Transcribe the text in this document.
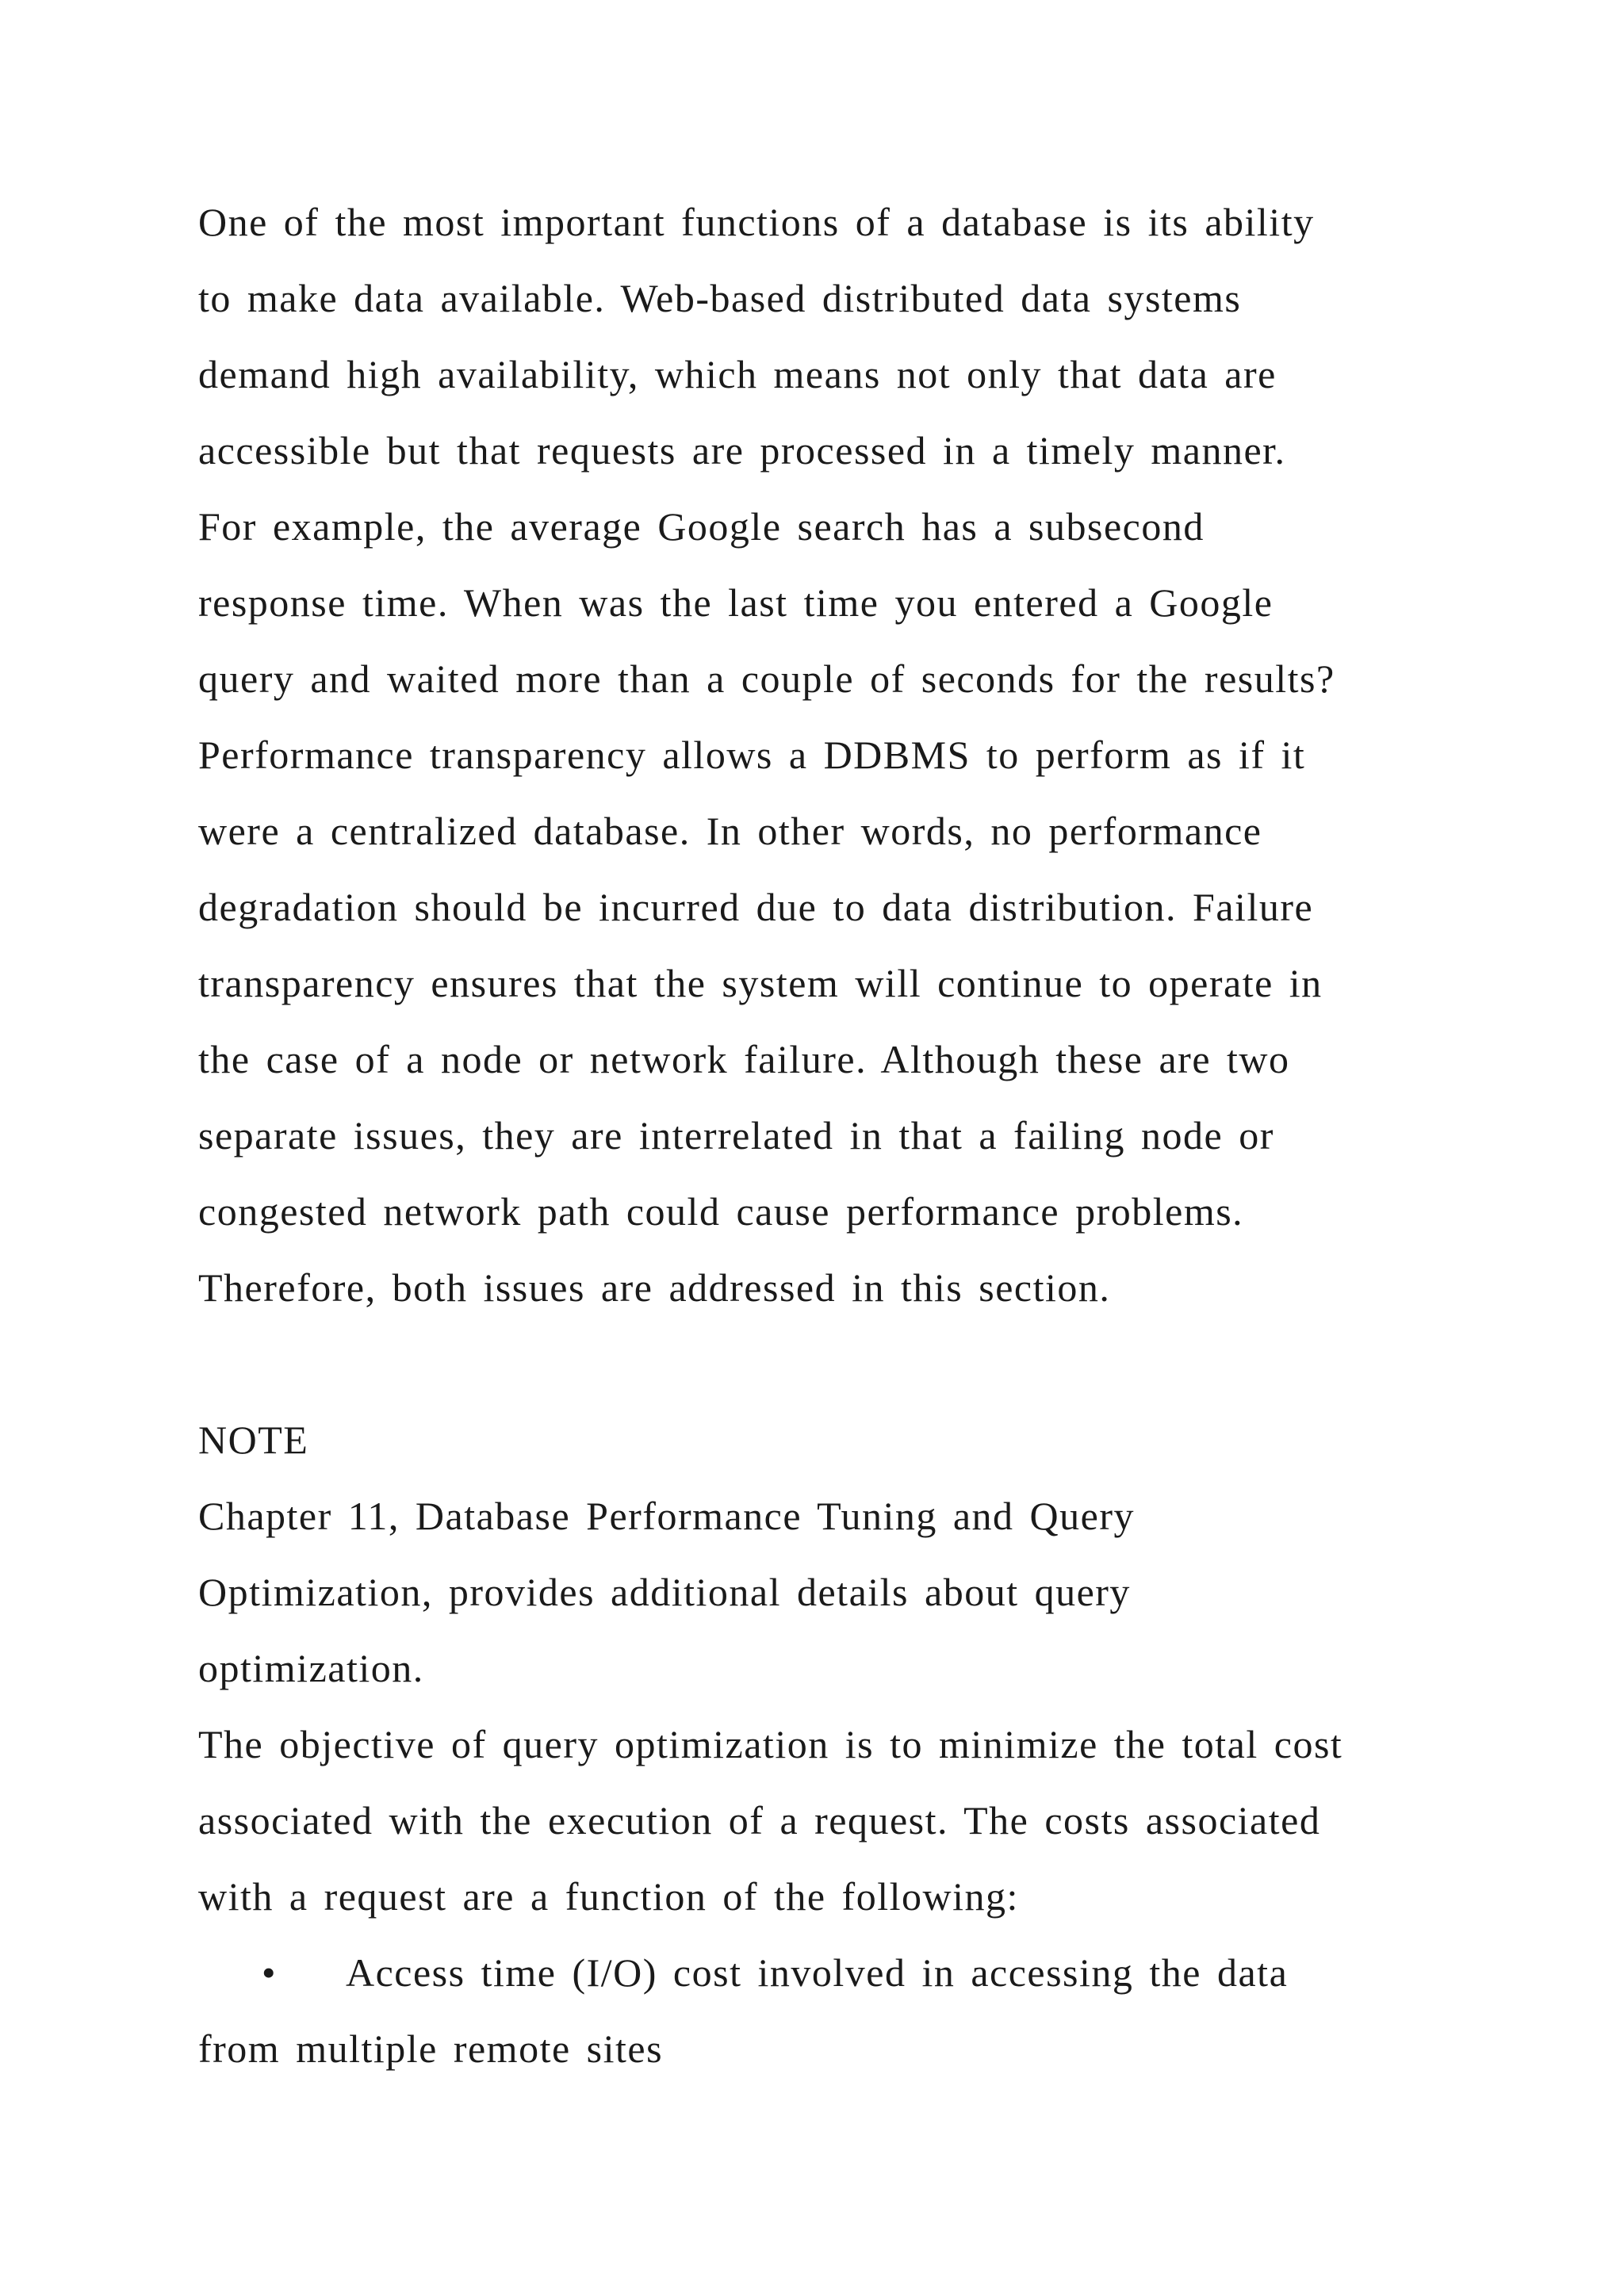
One of the most important functions of a database is its ability
to make data available. Web-based distributed data systems
demand high availability, which means not only that data are
accessible but that requests are processed in a timely manner.
For example, the average Google search has a subsecond
response time. When was the last time you entered a Google
query and waited more than a couple of seconds for the results?
Performance transparency allows a DDBMS to perform as if it
were a centralized database. In other words, no performance
degradation should be incurred due to data distribution. Failure
transparency ensures that the system will continue to operate in
the case of a node or network failure. Although these are two
separate issues, they are interrelated in that a failing node or
congested network path could cause performance problems.
Therefore, both issues are addressed in this section.
NOTE
Chapter 11, Database Performance Tuning and Query
Optimization, provides additional details about query
optimization.
The objective of query optimization is to minimize the total cost
associated with the execution of a request. The costs associated
with a request are a function of the following:
• Access time (I/O) cost involved in accessing the data
from multiple remote sites
